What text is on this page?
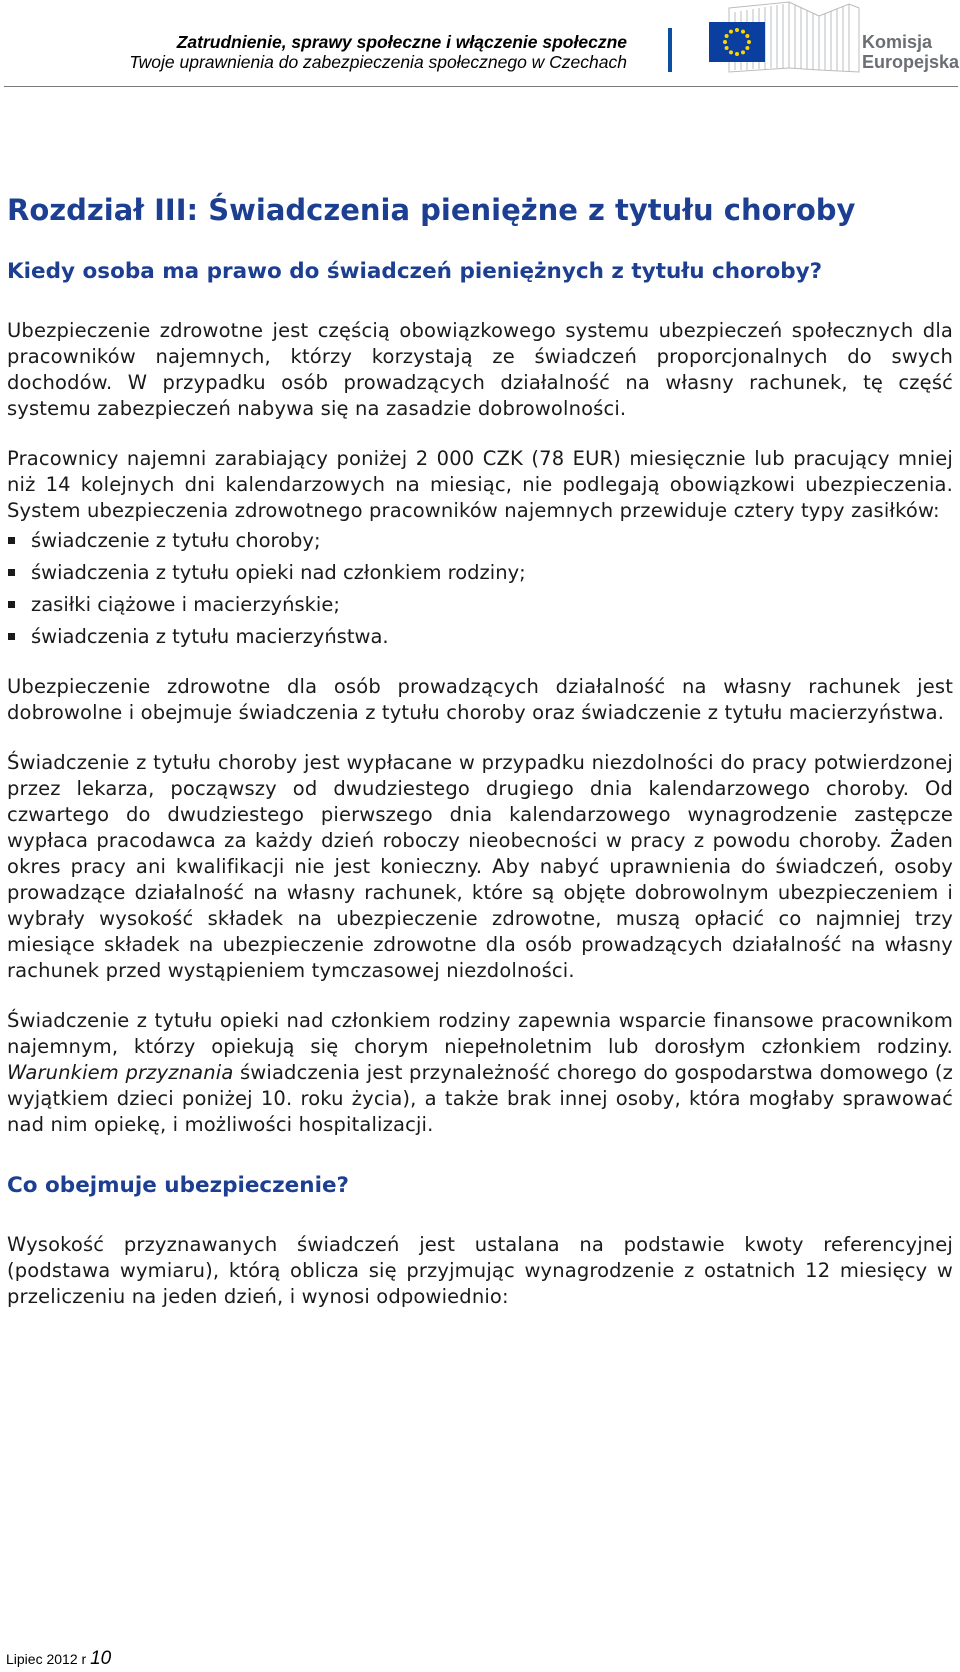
Zatrudnienie, sprawy społeczne i włączenie społeczne
Twoje uprawnienia do zabezpieczenia społecznego w Czechach
Komisja
Europejska
Rozdział III: Świadczenia pieniężne z tytułu choroby
Kiedy osoba ma prawo do świadczeń pieniężnych z tytułu choroby?

Ubezpieczenie zdrowotne jest częścią obowiązkowego systemu ubezpieczeń społecznych dla pracowników najemnych, którzy korzystają ze świadczeń proporcjonalnych do swych dochodów. W przypadku osób prowadzących działalność na własny rachunek, tę część systemu zabezpieczeń nabywa się na zasadzie dobrowolności.

Pracownicy najemni zarabiający poniżej 2 000 CZK (78 EUR) miesięcznie lub pracujący mniej niż 14 kolejnych dni kalendarzowych na miesiąc, nie podlegają obowiązkowi ubezpieczenia. System ubezpieczenia zdrowotnego pracowników najemnych przewiduje cztery typy zasiłków:

świadczenie z tytułu choroby;
świadczenia z tytułu opieki nad członkiem rodziny;
zasiłki ciążowe i macierzyńskie;
świadczenia z tytułu macierzyństwa.

Ubezpieczenie zdrowotne dla osób prowadzących działalność na własny rachunek jest dobrowolne i obejmuje świadczenia z tytułu choroby oraz świadczenie z tytułu macierzyństwa.

Świadczenie z tytułu choroby jest wypłacane w przypadku niezdolności do pracy potwierdzonej przez lekarza, począwszy od dwudziestego drugiego dnia kalendarzowego choroby. Od czwartego do dwudziestego pierwszego dnia kalendarzowego wynagrodzenie zastępcze wypłaca pracodawca za każdy dzień roboczy nieobecności w pracy z powodu choroby. Żaden okres pracy ani kwalifikacji nie jest konieczny. Aby nabyć uprawnienia do świadczeń, osoby prowadzące działalność na własny rachunek, które są objęte dobrowolnym ubezpieczeniem i wybrały wysokość składek na ubezpieczenie zdrowotne, muszą opłacić co najmniej trzy miesiące składek na ubezpieczenie zdrowotne dla osób prowadzących działalność na własny rachunek przed wystąpieniem tymczasowej niezdolności.

Świadczenie z tytułu opieki nad członkiem rodziny zapewnia wsparcie finansowe pracownikom najemnym, którzy opiekują się chorym niepełnoletnim lub dorosłym członkiem rodziny. Warunkiem przyznania świadczenia jest przynależność chorego do gospodarstwa domowego (z wyjątkiem dzieci poniżej 10. roku życia), a także brak innej osoby, która mogłaby sprawować nad nim opiekę, i możliwości hospitalizacji.

Co obejmuje ubezpieczenie?

Wysokość przyznawanych świadczeń jest ustalana na podstawie kwoty referencyjnej (podstawa wymiaru), którą oblicza się przyjmując wynagrodzenie z ostatnich 12 miesięcy w przeliczeniu na jeden dzień, i wynosi odpowiednio:

Lipiec 2012 r 10
